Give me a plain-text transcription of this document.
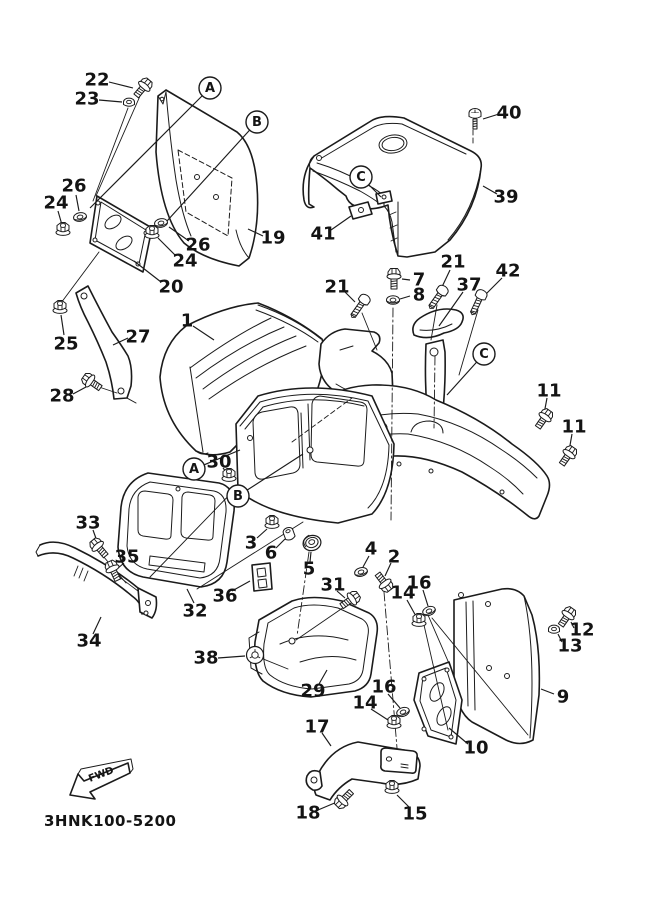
FWD
3HNK100-5200
22
23
19
20
26
24
26
24
25	27
28
1
40
39
41
21	7
8
21
37
42
11
11
30
3 6
5
31
4 2
14
16
33
35
34
32
36
38
29	16
14
17
18	15
10
9
12
13
A
B
C
A
B
C
